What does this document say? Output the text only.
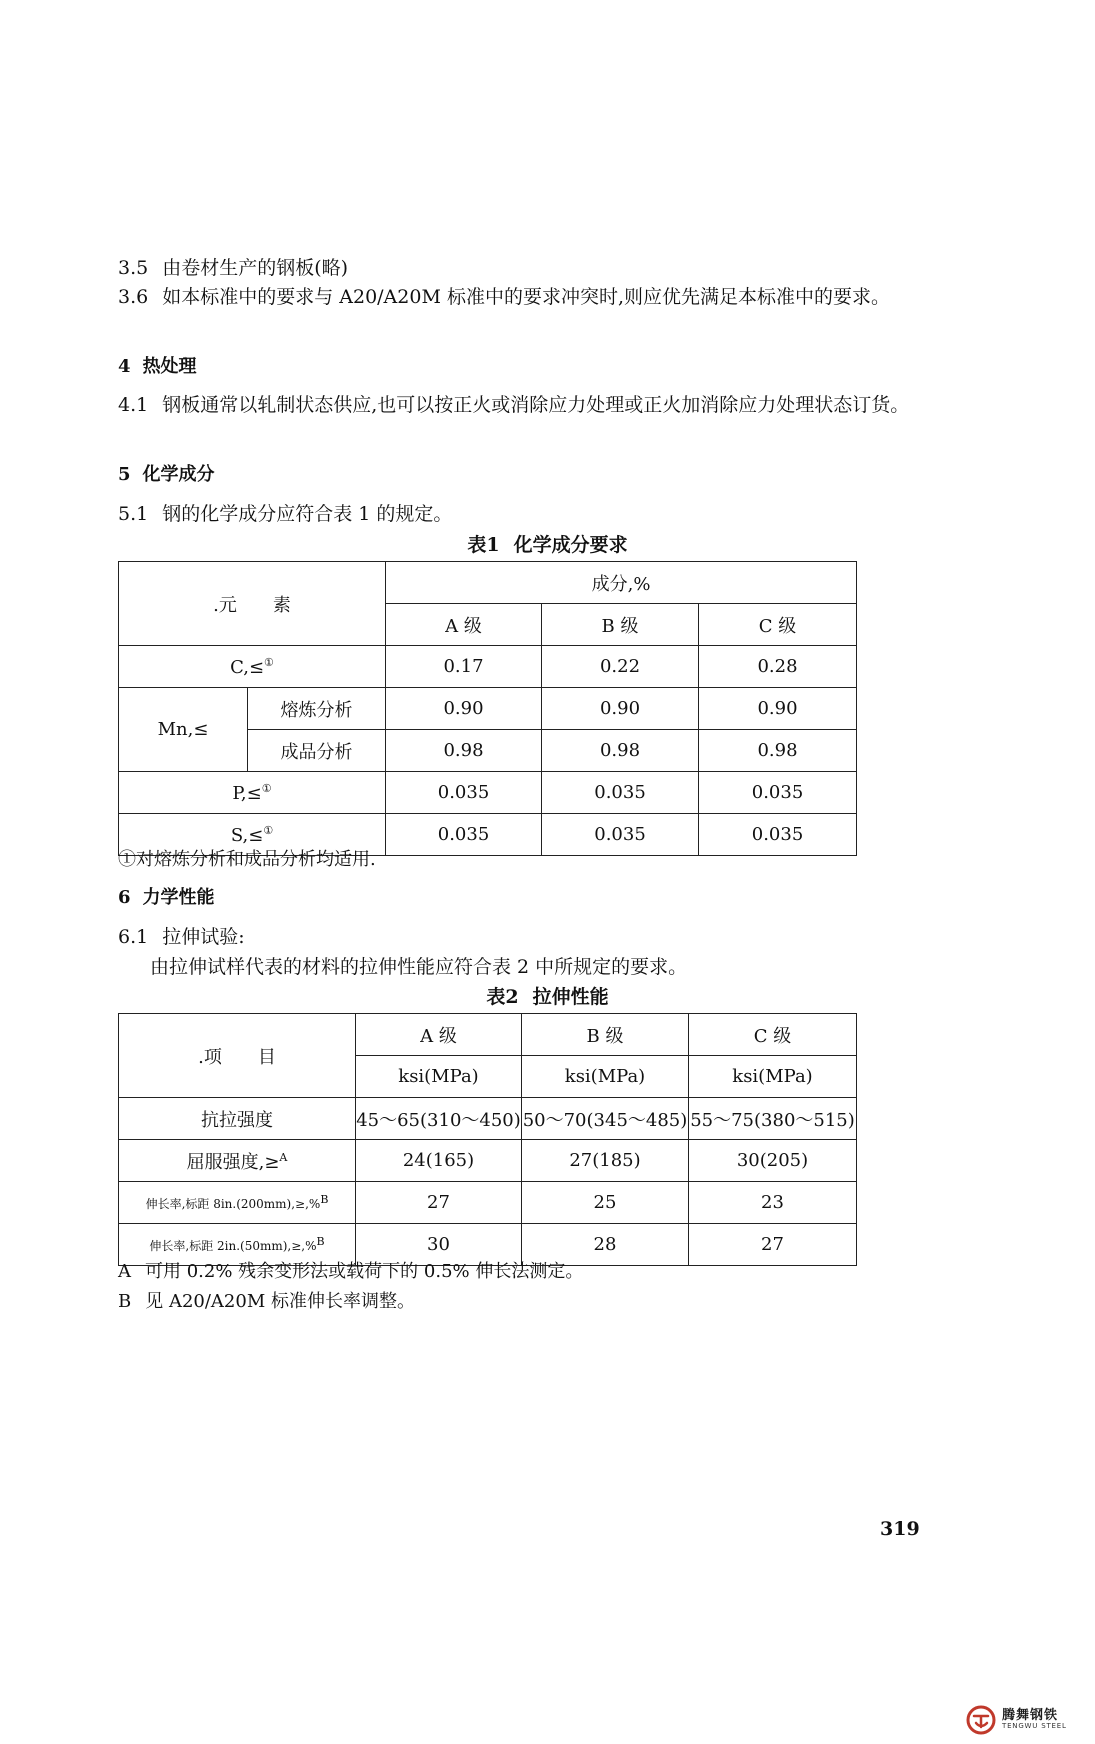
3.5 由卷材生产的钢板(略)

3.6 如本标准中的要求与 A20/A20M 标准中的要求冲突时,则应优先满足本标准中的要求。

4 热处理

4.1 钢板通常以轧制状态供应,也可以按正火或消除应力处理或正火加消除应力处理状态订货。

5 化学成分

5.1 钢的化学成分应符合表 1 的规定。

表1 化学成分要求

.元　　素		成分,%		
		A 级	B 级	C 级
C,≤①		0.17	0.22	0.28
Mn,≤	熔炼分析	0.90	0.90	0.90
	成品分析	0.98	0.98	0.98
P,≤①		0.035	0.035	0.035
S,≤①		0.035	0.035	0.035

①对熔炼分析和成品分析均适用.

6 力学性能

6.1 拉伸试验:

由拉伸试样代表的材料的拉伸性能应符合表 2 中所规定的要求。

表2 拉伸性能

.项　　目	A 级	B 级	C 级
	ksi(MPa)	ksi(MPa)	ksi(MPa)
抗拉强度	45～65(310～450)	50～70(345～485)	55～75(380～515)
屈服强度,≥$^A$	24(165)	27(185)	30(205)
伸长率,标距 8in.(200mm),≥,%$^B$	27	25	23
伸长率,标距 2in.(50mm),≥,%$^B$	30	28	27

A 可用 0.2% 残余变形法或载荷下的 0.5% 伸长法测定。

B 见 A20/A20M 标准伸长率调整。

319
腾舞钢铁
TENGWU STEEL
